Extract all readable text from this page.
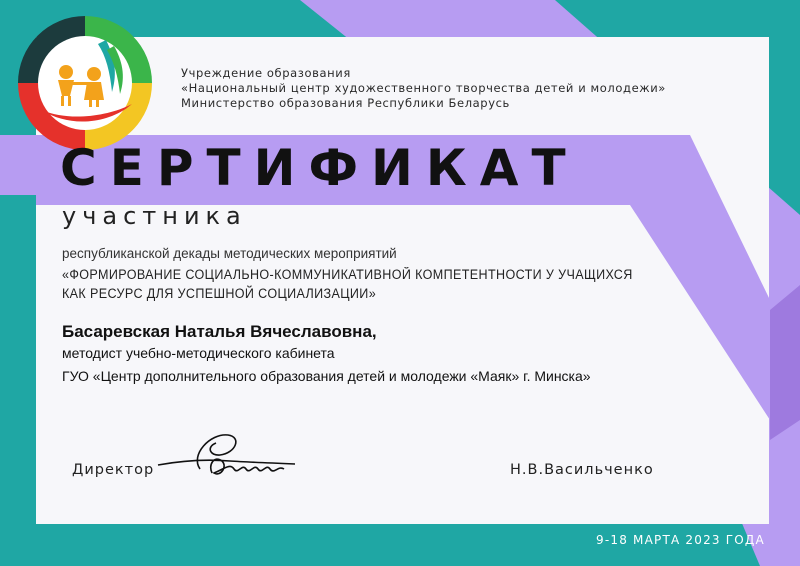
Учреждение образования
«Национальный центр художественного творчества детей и молодежи»
Министерство образования Республики Беларусь
СЕРТИФИКАТ
участника
республиканской декады методических мероприятий
«ФОРМИРОВАНИЕ СОЦИАЛЬНО-КОММУНИКАТИВНОЙ КОМПЕТЕНТНОСТИ У УЧАЩИХСЯ
КАК РЕСУРС ДЛЯ УСПЕШНОЙ СОЦИАЛИЗАЦИИ»
Басаревская Наталья Вячеславовна,
методист учебно-методического кабинета
ГУО «Центр дополнительного образования детей и молодежи «Маяк» г. Минска»
Директор	Н.В.Васильченко
9-18 МАРТА 2023 ГОДА
